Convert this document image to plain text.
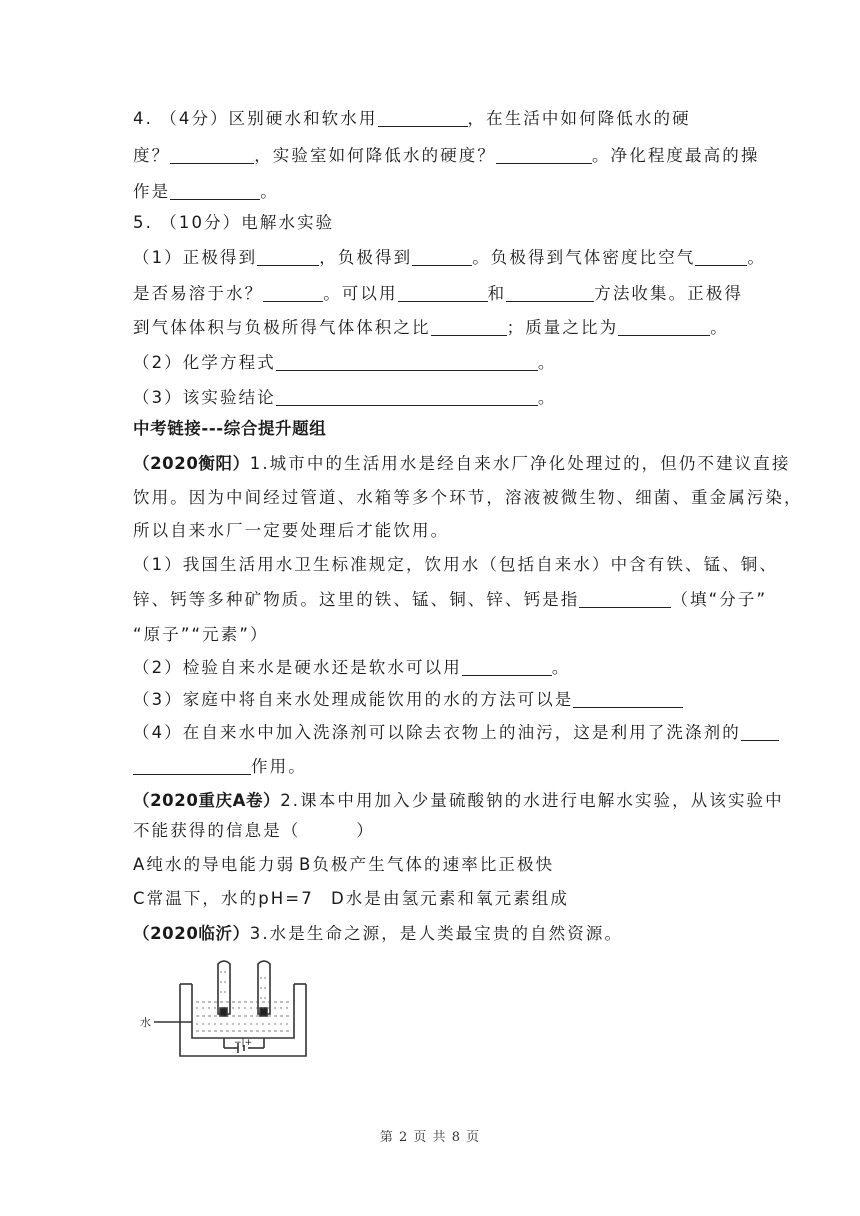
4. （4分）区别硬水和软水用	，在生活中如何降低水的硬
度？	，实验室如何降低水的硬度？	。净化程度最高的操
作是	。
5. （10分）电解水实验
（1）正极得到	，负极得到	。负极得到气体密度比空气	。
是否易溶于水？	。可以用	和	方法收集。正极得
到气体体积与负极所得气体体积之比	；质量之比为	。
（2）化学方程式	。
（3）该实验结论	。
中考链接---综合提升题组
（2020衡阳）1.城市中的生活用水是经自来水厂净化处理过的，但仍不建议直接
饮用。因为中间经过管道、水箱等多个环节，溶液被微生物、细菌、重金属污染，
所以自来水厂一定要处理后才能饮用。
（1）我国生活用水卫生标准规定，饮用水（包括自来水）中含有铁、锰、铜、
锌、钙等多种矿物质。这里的铁、锰、铜、锌、钙是指	（填“分子”
“原子”“元素”）
（2）检验自来水是硬水还是软水可以用	。
（3）家庭中将自来水处理成能饮用的水的方法可以是
（4）在自来水中加入洗涤剂可以除去衣物上的油污，这是利用了洗涤剂的
作用。
（2020重庆A卷）2.课本中用加入少量硫酸钠的水进行电解水实验，从该实验中
不能获得的信息是（　　　）
A纯水的导电能力弱 B负极产生气体的速率比正极快
C常温下，水的pH=7 D水是由氢元素和氧元素组成
（2020临沂）3.水是生命之源，是人类最宝贵的自然资源。
水
−|+
第 2 页 共 8 页
